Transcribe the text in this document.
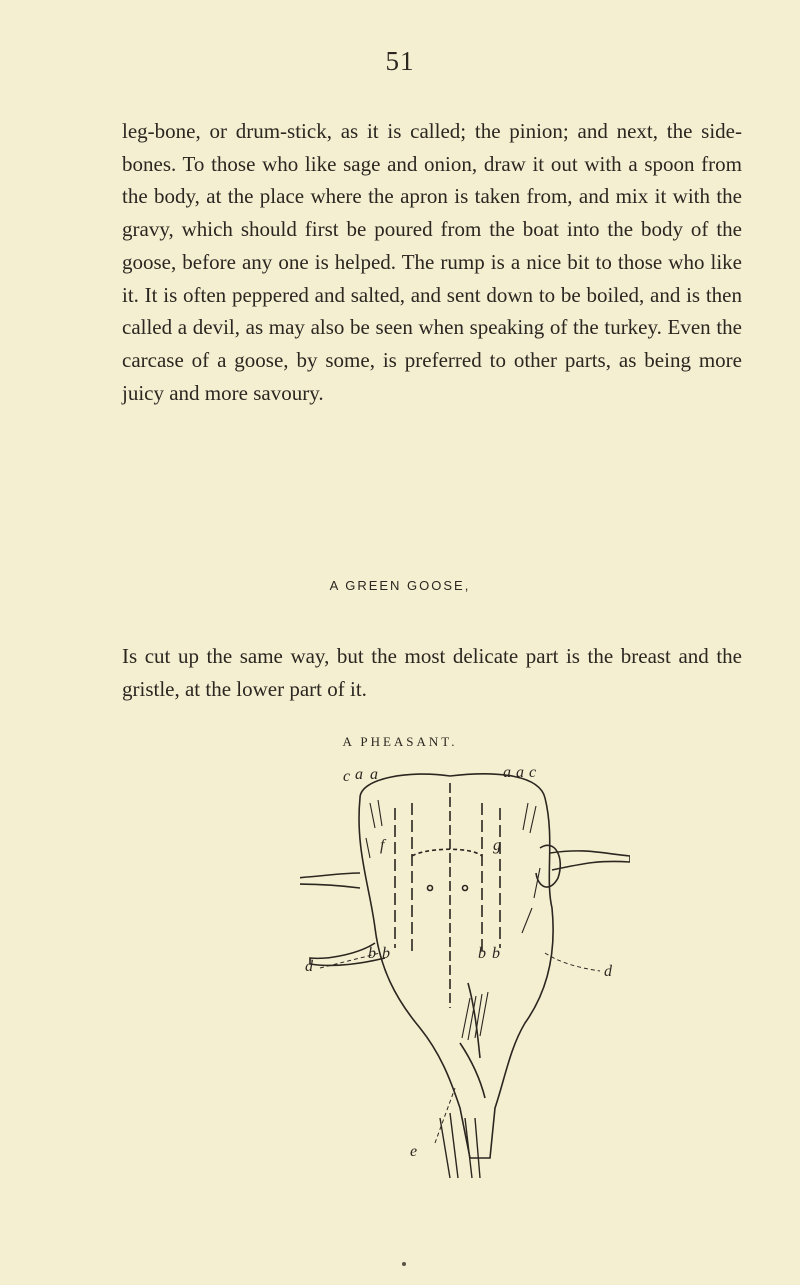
51

leg-bone, or drum-stick, as it is called; the pinion; and next, the side-bones. To those who like sage and onion, draw it out with a spoon from the body, at the place where the apron is taken from, and mix it with the gravy, which should first be poured from the boat into the body of the goose, before any one is helped. The rump is a nice bit to those who like it. It is often peppered and salted, and sent down to be boiled, and is then called a devil, as may also be seen when speaking of the turkey. Even the carcase of a goose, by some, is preferred to other parts, as being more juicy and more savoury.

A GREEN GOOSE,

Is cut up the same way, but the most delicate part is the breast and the gristle, at the lower part of it.

A PHEASANT.
c a a	a a c
f	g
b b	b b
d	d
e
